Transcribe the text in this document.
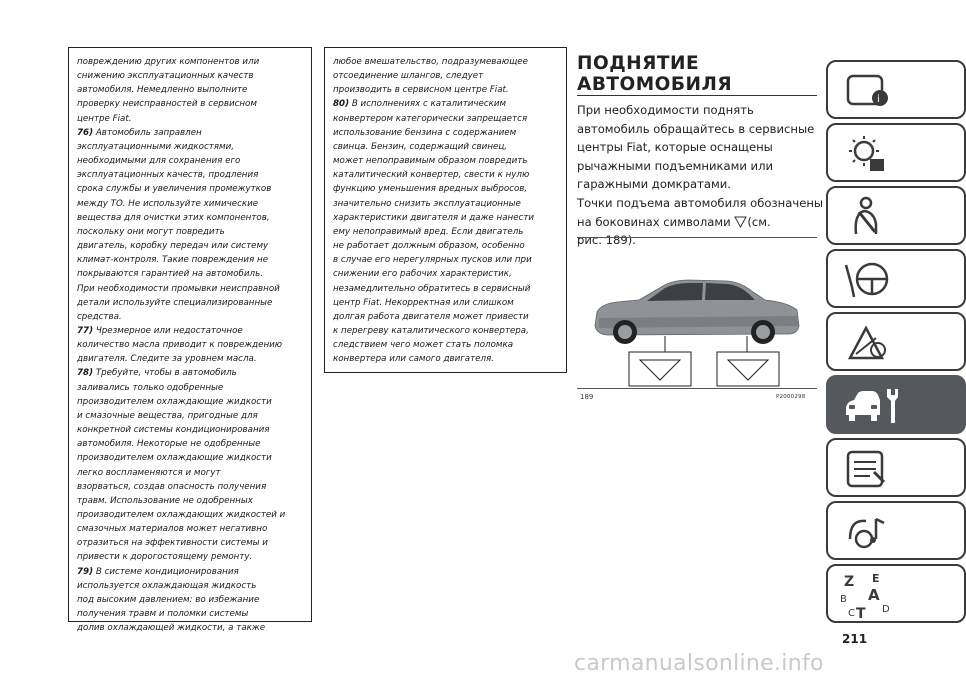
повреждению других компонентов или
снижению эксплуатационных качеств
автомобиля. Немедленно выполните
проверку неисправностей в сервисном
центре Fiat.
76) Автомобиль заправлен
эксплуатационными жидкостями,
необходимыми для сохранения его
эксплуатационных качеств, продления
срока службы и увеличения промежутков
между ТО. Не используйте химические
вещества для очистки этих компонентов,
поскольку они могут повредить
двигатель, коробку передач или систему
климат-контроля. Такие повреждения не
покрываются гарантией на автомобиль.
При необходимости промывки неисправной
детали используйте специализированные
средства.
77) Чрезмерное или недостаточное
количество масла приводит к повреждению
двигателя. Следите за уровнем масла.
78) Требуйте, чтобы в автомобиль
заливались только одобренные
производителем охлаждающие жидкости
и смазочные вещества, пригодные для
конкретной системы кондиционирования
автомобиля. Некоторые не одобренные
производителем охлаждающие жидкости
легко воспламеняются и могут
взорваться, создав опасность получения
травм. Использование не одобренных
производителем охлаждающих жидкостей и
смазочных материалов может негативно
отразиться на эффективности системы и
привести к дорогостоящему ремонту.
79) В системе кондиционирования
используется охлаждающая жидкость
под высоким давлением: во избежание
получения травм и поломки системы
долив охлаждающей жидкости, а также

любое вмешательство, подразумевающее
отсоединение шлангов, следует
производить в сервисном центре Fiat.
80) В исполнениях с каталитическим
конвертером категорически запрещается
использование бензина с содержанием
свинца. Бензин, содержащий свинец,
может непоправимым образом повредить
каталитический конвертер, свести к нулю
функцию уменьшения вредных выбросов,
значительно снизить эксплуатационные
характеристики двигателя и даже нанести
ему непоправимый вред. Если двигатель
не работает должным образом, особенно
в случае его нерегулярных пусков или при
снижении его рабочих характеристик,
незамедлительно обратитесь в сервисный
центр Fiat. Некорректная или слишком
долгая работа двигателя может привести
к перегреву каталитического конвертера,
следствием чего может стать поломка
конвертера или самого двигателя.

ПОДНЯТИЕ
АВТОМОБИЛЯ
При необходимости поднять
автомобиль обращайтесь в сервисные
центры Fiat, которые оснащены
рычажными подъемниками или
гаражными домкратами.
Точки подъема автомобиля обозначены
на боковинах символами (см.
рис. 189).
189	P2000298
i
Z E
B A
C T D
211
carmanualsonline.info
